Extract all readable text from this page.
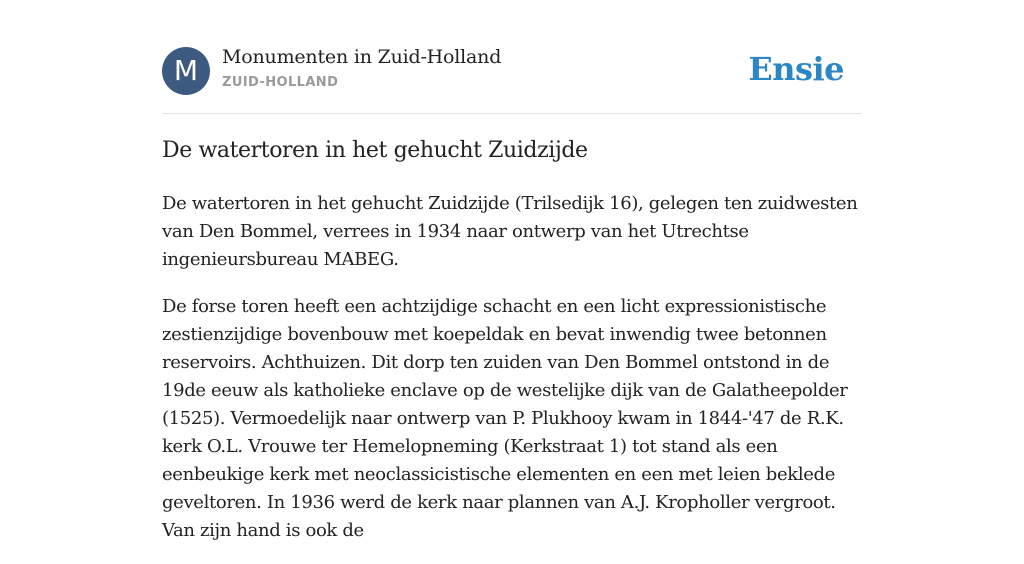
M	Monumenten in Zuid-Holland
ZUID-HOLLAND	Ensie
De watertoren in het gehucht Zuidzijde

De watertoren in het gehucht Zuidzijde (Trilsedijk 16), gelegen ten zuidwesten van Den Bommel, verrees in 1934 naar ontwerp van het Utrechtse ingenieursbureau MABEG.

De forse toren heeft een achtzijdige schacht en een licht expressionistische zestienzijdige bovenbouw met koepeldak en bevat inwendig twee betonnen reservoirs. Achthuizen. Dit dorp ten zuiden van Den Bommel ontstond in de 19de eeuw als katholieke enclave op de westelijke dijk van de Galatheepolder (1525). Vermoedelijk naar ontwerp van P. Plukhooy kwam in 1844-'47 de R.K. kerk O.L. Vrouwe ter Hemelopneming (Kerkstraat 1) tot stand als een eenbeukige kerk met neoclassicistische elementen en een met leien beklede geveltoren. In 1936 werd de kerk naar plannen van A.J. Kropholler vergroot. Van zijn hand is ook de
